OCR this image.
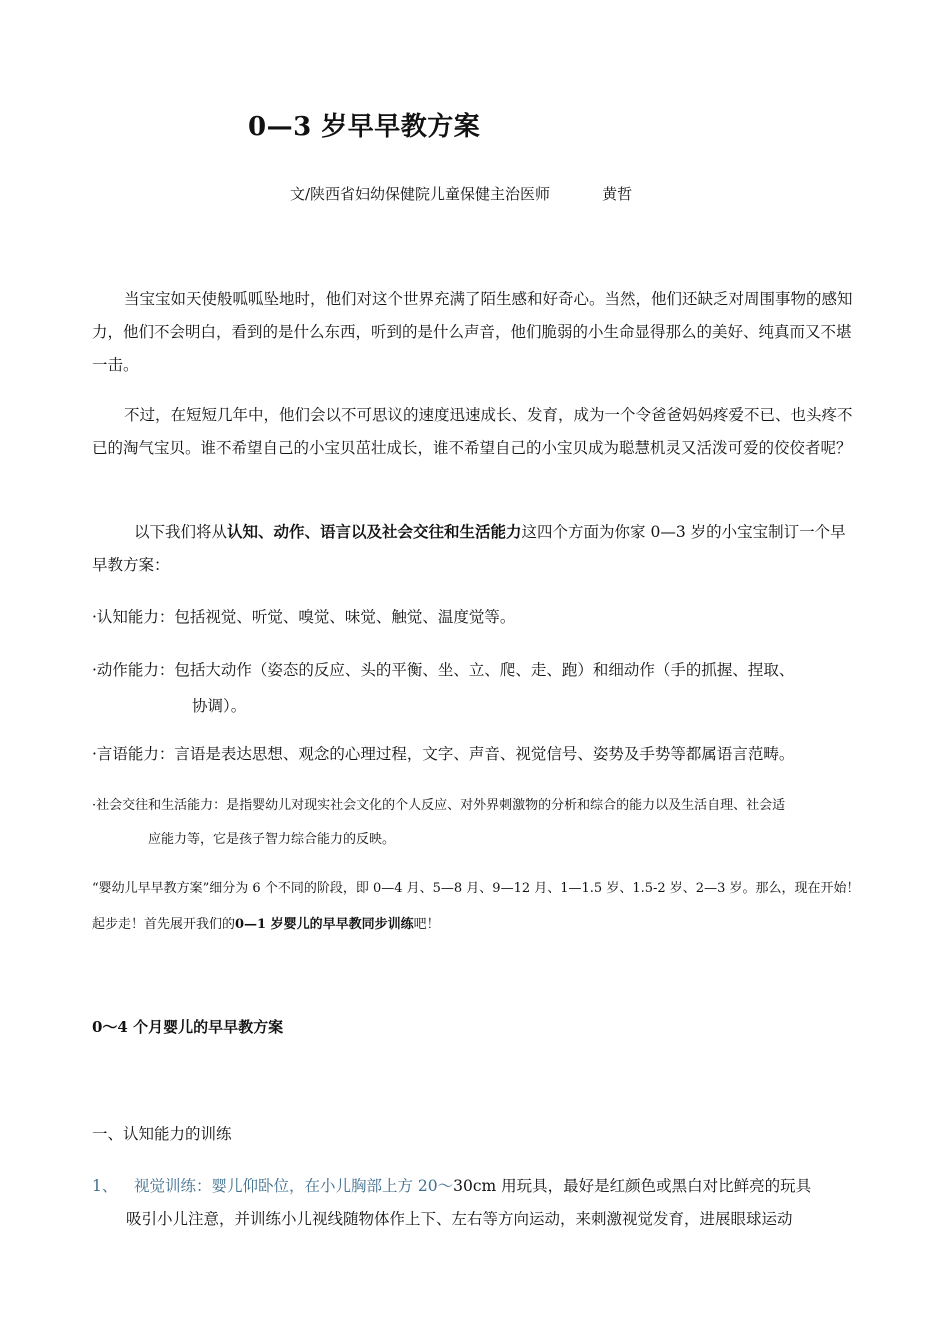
0—3 岁早早教方案
文/陕西省妇幼保健院儿童保健主治医师	黄哲

当宝宝如天使般呱呱坠地时，他们对这个世界充满了陌生感和好奇心。当然，他们还缺乏对周围事物的感知力，他们不会明白，看到的是什么东西，听到的是什么声音，他们脆弱的小生命显得那么的美好、纯真而又不堪一击。

不过，在短短几年中，他们会以不可思议的速度迅速成长、发育，成为一个令爸爸妈妈疼爱不已、也头疼不已的淘气宝贝。谁不希望自己的小宝贝茁壮成长，谁不希望自己的小宝贝成为聪慧机灵又活泼可爱的佼佼者呢？

以下我们将从认知、动作、语言以及社会交往和生活能力这四个方面为你家 0—3 岁的小宝宝制订一个早早教方案：

·认知能力：包括视觉、听觉、嗅觉、味觉、触觉、温度觉等。
·动作能力：包括大动作（姿态的反应、头的平衡、坐、立、爬、走、跑）和细动作（手的抓握、捏取、
协调）。
·言语能力：言语是表达思想、观念的心理过程，文字、声音、视觉信号、姿势及手势等都属语言范畴。
·社会交往和生活能力：是指婴幼儿对现实社会文化的个人反应、对外界刺激物的分析和综合的能力以及生活自理、社会适
应能力等，它是孩子智力综合能力的反映。

“婴幼儿早早教方案”细分为 6 个不同的阶段，即 0—4 月、5—8 月、9—12 月、1—1.5 岁、1.5-2 岁、2—3 岁。那么，现在开始！起步走！首先展开我们的0—1 岁婴儿的早早教同步训练吧！

0～4 个月婴儿的早早教方案
一、认知能力的训练
1、 视觉训练：婴儿仰卧位，在小儿胸部上方 20～30cm 用玩具，最好是红颜色或黑白对比鲜亮的玩具
吸引小儿注意，并训练小儿视线随物体作上下、左右等方向运动，来刺激视觉发育，进展眼球运动
